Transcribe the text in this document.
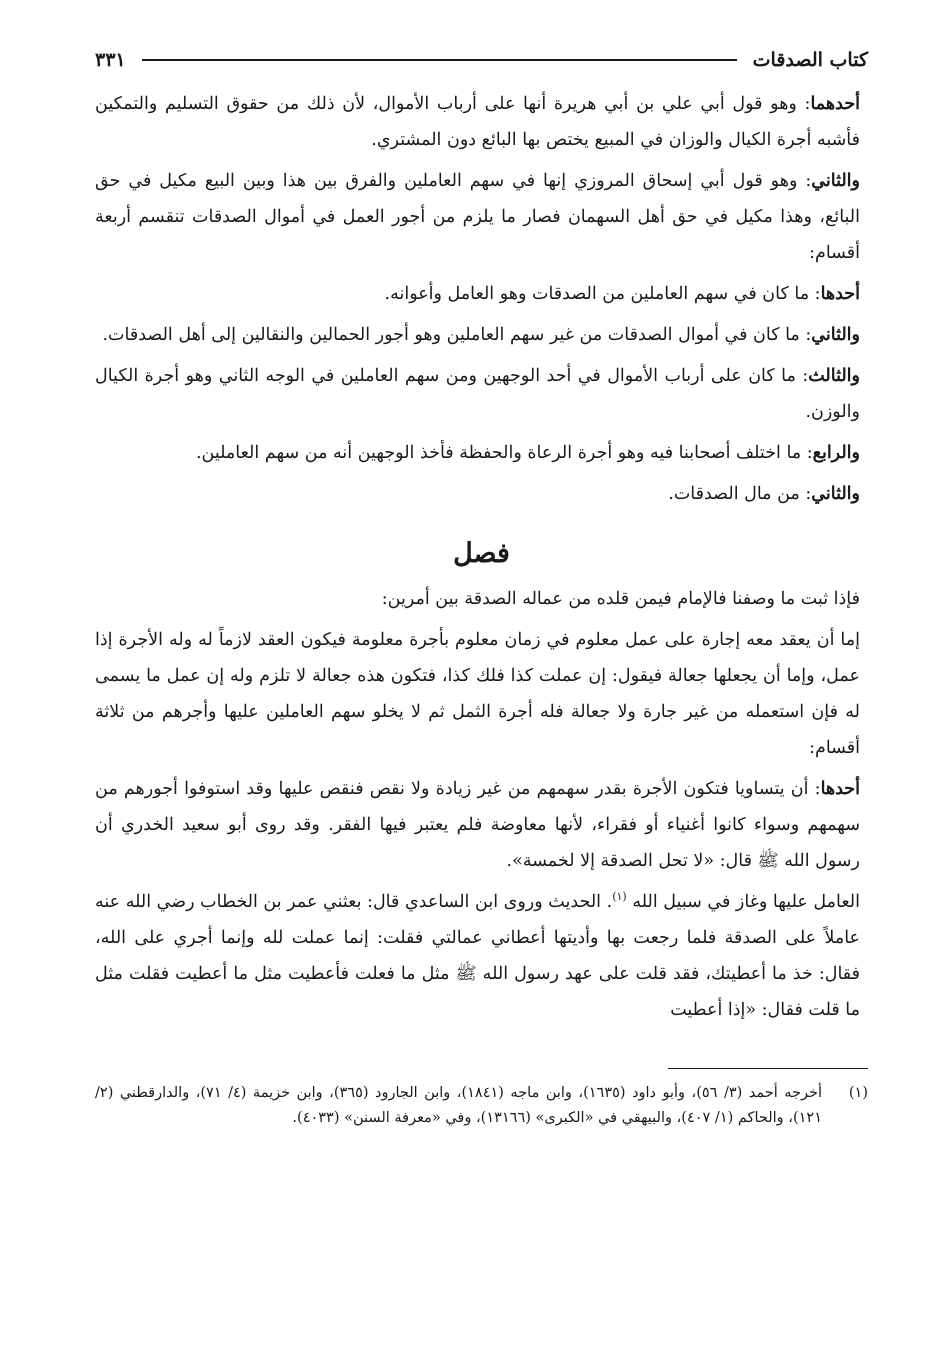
كتاب الصدقات
٣٣١

أحدهما: وهو قول أبي علي بن أبي هريرة أنها على أرباب الأموال، لأن ذلك من حقوق التسليم والتمكين فأشبه أجرة الكيال والوزان في المبيع يختص بها البائع دون المشتري.

والثاني: وهو قول أبي إسحاق المروزي إنها في سهم العاملين والفرق بين هذا وبين البيع مكيل في حق البائع، وهذا مكيل في حق أهل السهمان فصار ما يلزم من أجور العمل في أموال الصدقات تنقسم أربعة أقسام:

أحدها: ما كان في سهم العاملين من الصدقات وهو العامل وأعوانه.

والثاني: ما كان في أموال الصدقات من غير سهم العاملين وهو أجور الحمالين والنقالين إلى أهل الصدقات.

والثالث: ما كان على أرباب الأموال في أحد الوجهين ومن سهم العاملين في الوجه الثاني وهو أجرة الكيال والوزن.

والرابع: ما اختلف أصحابنا فيه وهو أجرة الرعاة والحفظة فأخذ الوجهين أنه من سهم العاملين.

والثاني: من مال الصدقات.

فصل

فإذا ثبت ما وصفنا فالإمام فيمن قلده من عماله الصدقة بين أمرين:

إما أن يعقد معه إجارة على عمل معلوم في زمان معلوم بأجرة معلومة فيكون العقد لازماً له وله الأجرة إذا عمل، وإما أن يجعلها جعالة فيقول: إن عملت كذا فلك كذا، فتكون هذه جعالة لا تلزم وله إن عمل ما يسمى له فإن استعمله من غير جارة ولا جعالة فله أجرة الثمل ثم لا يخلو سهم العاملين عليها وأجرهم من ثلاثة أقسام:

أحدها: أن يتساويا فتكون الأجرة بقدر سهمهم من غير زيادة ولا نقص فنقص عليها وقد استوفوا أجورهم من سهمهم وسواء كانوا أغنياء أو فقراء، لأنها معاوضة فلم يعتبر فيها الفقر. وقد روى أبو سعيد الخدري أن رسول الله ﷺ قال: «لا تحل الصدقة إلا لخمسة».

العامل عليها وغاز في سبيل الله $^{(١)}$. الحديث وروى ابن الساعدي قال: بعثني عمر بن الخطاب رضي الله عنه عاملاً على الصدقة فلما رجعت بها وأديتها أعطاني عمالتي فقلت: إنما عملت لله وإنما أجري على الله، فقال: خذ ما أعطيتك، فقد قلت على عهد رسول الله ﷺ مثل ما فعلت فأعطيت مثل ما أعطيت فقلت مثل ما قلت فقال: «إذا أعطيت

(١)
أخرجه أحمد (٣/ ٥٦)، وأبو داود (١٦٣٥)، وابن ماجه (١٨٤١)، وابن الجارود (٣٦٥)، وابن خزيمة (٤/ ٧١)، والدارقطني (٢/ ١٢١)، والحاكم (١/ ٤٠٧)، والبيهقي في «الكبرى» (١٣١٦٦)، وفي «معرفة السنن» (٤٠٣٣).
